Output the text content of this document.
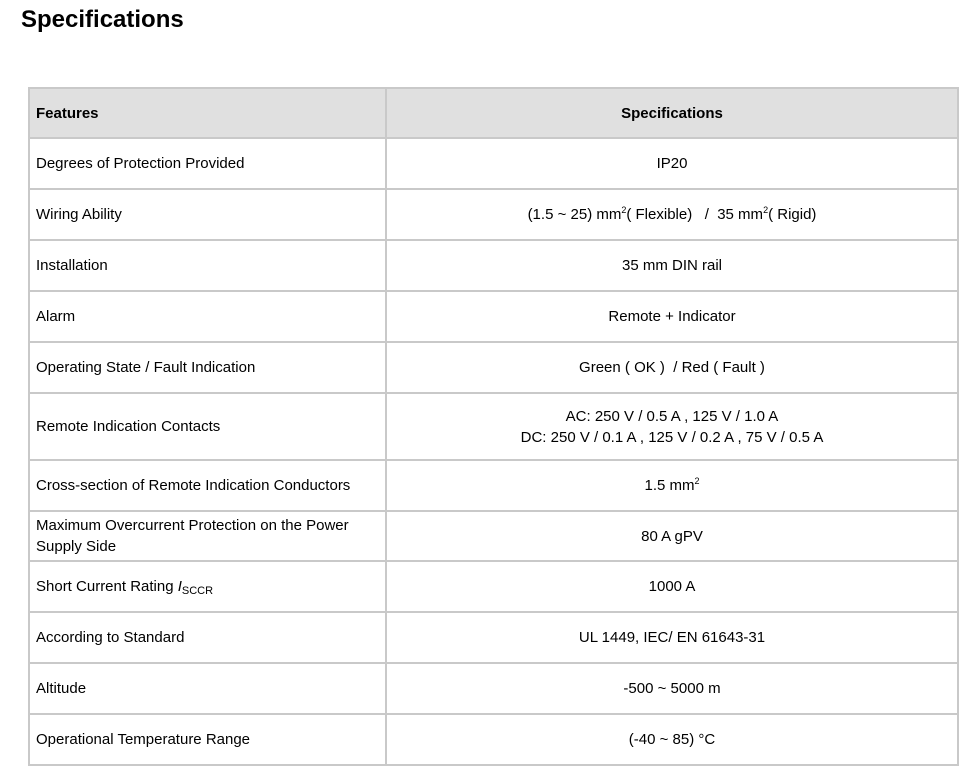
Specifications
Features	Specifications
Degrees of Protection Provided	IP20
Wiring Ability	(1.5 ~ 25) $mm^2$( Flexible)   /  35 $mm^2$( Rigid)
Installation	35 mm DIN rail
Alarm	Remote + Indicator
Operating State / Fault Indication	Green ( OK )  / Red ( Fault )
Remote Indication Contacts	AC: 250 V / 0.5 A , 125 V / 1.0 A
DC: 250 V / 0.1 A , 125 V / 0.2 A , 75 V / 0.5 A

Cross-section of Remote Indication Conductors	1.5 $mm^2$
Maximum Overcurrent Protection on the Power Supply Side	80 A gPV
Short Current Rating $I_{SCCR}$	1000 A
According to Standard	UL 1449, IEC/ EN 61643-31
Altitude	-500 ~ 5000 m
Operational Temperature Range	(-40 ~ 85) °C
